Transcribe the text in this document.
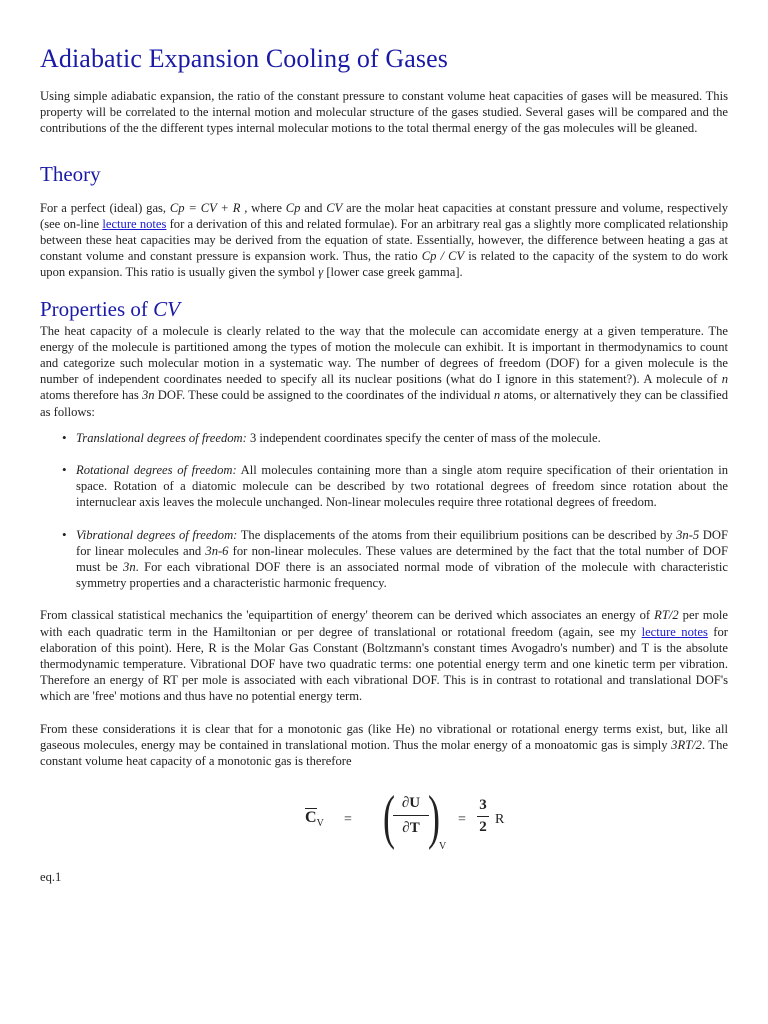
Adiabatic Expansion Cooling of Gases

Using simple adiabatic expansion, the ratio of the constant pressure to constant volume heat capacities of gases will be measured. This property will be correlated to the internal motion and molecular structure of the gases studied. Several gases will be compared and the contributions of the the different types internal molecular motions to the total thermal energy of the gas molecules will be gleaned.

Theory

For a perfect (ideal) gas, Cp = CV + R , where Cp and CV are the molar heat capacities at constant pressure and volume, respectively (see on-line lecture notes for a derivation of this and related formulae). For an arbitrary real gas a slightly more complicated relationship between these heat capacities may be derived from the equation of state. Essentially, however, the difference between heating a gas at constant volume and constant pressure is expansion work. Thus, the ratio Cp / CV is related to the capacity of the system to do work upon expansion. This ratio is usually given the symbol γ [lower case greek gamma].

Properties of CV

The heat capacity of a molecule is clearly related to the way that the molecule can accomidate energy at a given temperature. The energy of the molecule is partitioned among the types of motion the molecule can exhibit. It is important in thermodynamics to count and categorize such molecular motion in a systematic way. The number of degrees of freedom (DOF) for a given molecule is the number of independent coordinates needed to specify all its nuclear positions (what do I ignore in this statement?). A molecule of n atoms therefore has 3n DOF. These could be assigned to the coordinates of the individual n atoms, or alternatively they can be classified as follows:

• Translational degrees of freedom: 3 independent coordinates specify the center of mass of the molecule.
• Rotational degrees of freedom: All molecules containing more than a single atom require specification of their orientation in space. Rotation of a diatomic molecule can be described by two rotational degrees of freedom since rotation about the internuclear axis leaves the molecule unchanged. Non-linear molecules require three rotational degrees of freedom.
• Vibrational degrees of freedom: The displacements of the atoms from their equilibrium positions can be described by 3n-5 DOF for linear molecules and 3n-6 for non-linear molecules. These values are determined by the fact that the total number of DOF must be 3n. For each vibrational DOF there is an associated normal mode of vibration of the molecule with characteristic symmetry properties and a characteristic harmonic frequency.

From classical statistical mechanics the 'equipartition of energy' theorem can be derived which associates an energy of RT/2 per mole with each quadratic term in the Hamiltonian or per degree of translational or rotational freedom (again, see my lecture notes for elaboration of this point). Here, R is the Molar Gas Constant (Boltzmann's constant times Avogadro's number) and T is the absolute thermodynamic temperature. Vibrational DOF have two quadratic terms: one potential energy term and one kinetic term per vibration. Therefore an energy of RT per mole is associated with each vibrational DOF. This is in contrast to rotational and translational DOF's which are 'free' motions and thus have no potential energy term.

From these considerations it is clear that for a monotonic gas (like He) no vibrational or rotational energy terms exist, but, like all gaseous molecules, energy may be contained in translational motion. Thus the molar energy of a monoatomic gas is simply 3RT/2. The constant volume heat capacity of a monotonic gas is therefore

$C_V$ = ( ∂U
∂T ) V
=
3
2 R

eq.1
